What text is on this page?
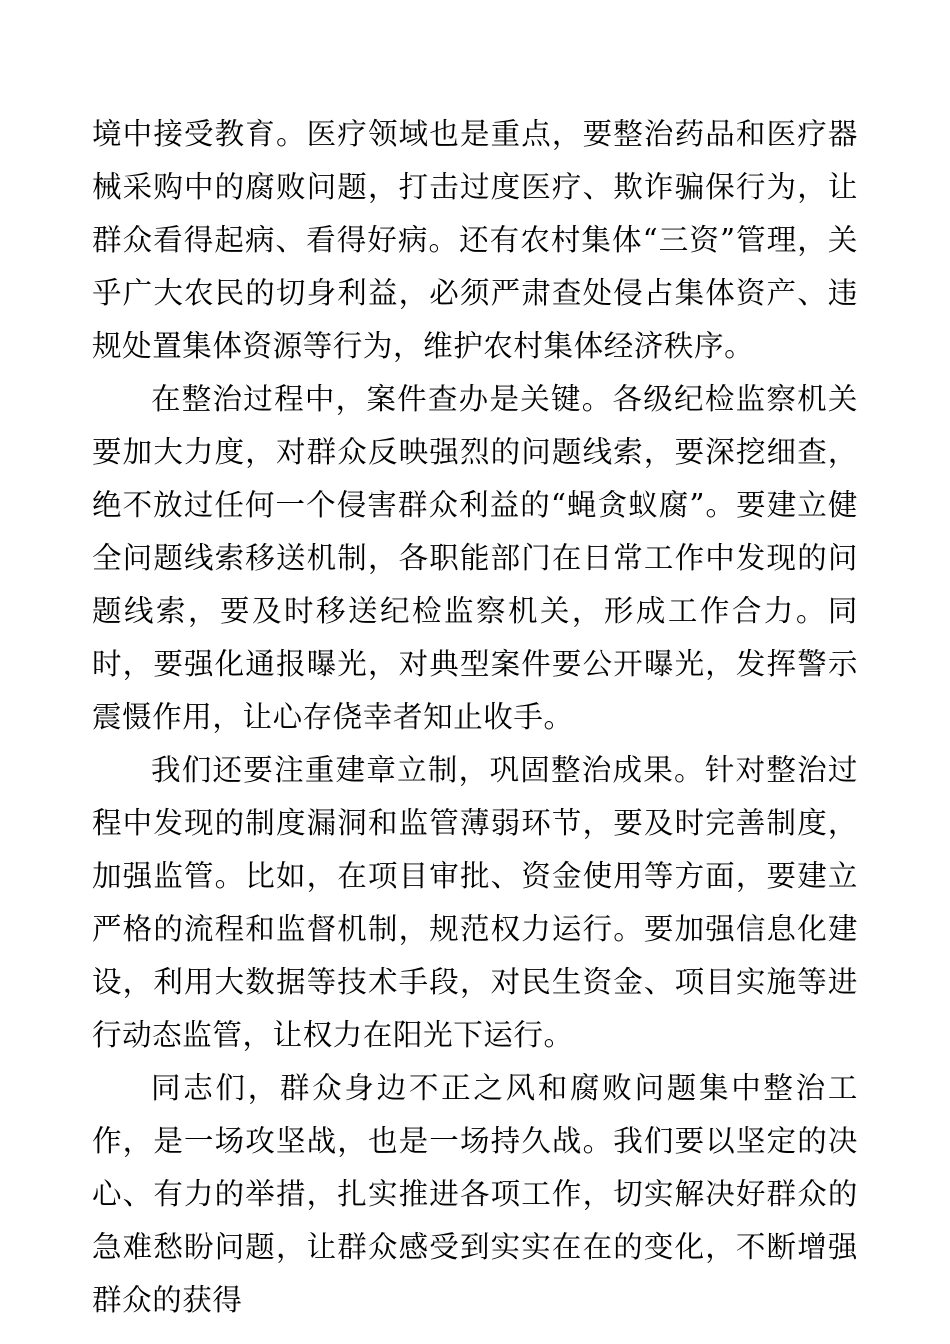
境中接受教育。医疗领域也是重点，要整治药品和医疗器械采购中的腐败问题，打击过度医疗、欺诈骗保行为，让群众看得起病、看得好病。还有农村集体“三资”管理，关乎广大农民的切身利益，必须严肃查处侵占集体资产、违规处置集体资源等行为，维护农村集体经济秩序。

在整治过程中，案件查办是关键。各级纪检监察机关要加大力度，对群众反映强烈的问题线索，要深挖细查，绝不放过任何一个侵害群众利益的“蝇贪蚁腐”。要建立健全问题线索移送机制，各职能部门在日常工作中发现的问题线索，要及时移送纪检监察机关，形成工作合力。同时，要强化通报曝光，对典型案件要公开曝光，发挥警示震慑作用，让心存侥幸者知止收手。

我们还要注重建章立制，巩固整治成果。针对整治过程中发现的制度漏洞和监管薄弱环节，要及时完善制度，加强监管。比如，在项目审批、资金使用等方面，要建立严格的流程和监督机制，规范权力运行。要加强信息化建设，利用大数据等技术手段，对民生资金、项目实施等进行动态监管，让权力在阳光下运行。

同志们，群众身边不正之风和腐败问题集中整治工作，是一场攻坚战，也是一场持久战。我们要以坚定的决心、有力的举措，扎实推进各项工作，切实解决好群众的急难愁盼问题，让群众感受到实实在在的变化，不断增强群众的获得
